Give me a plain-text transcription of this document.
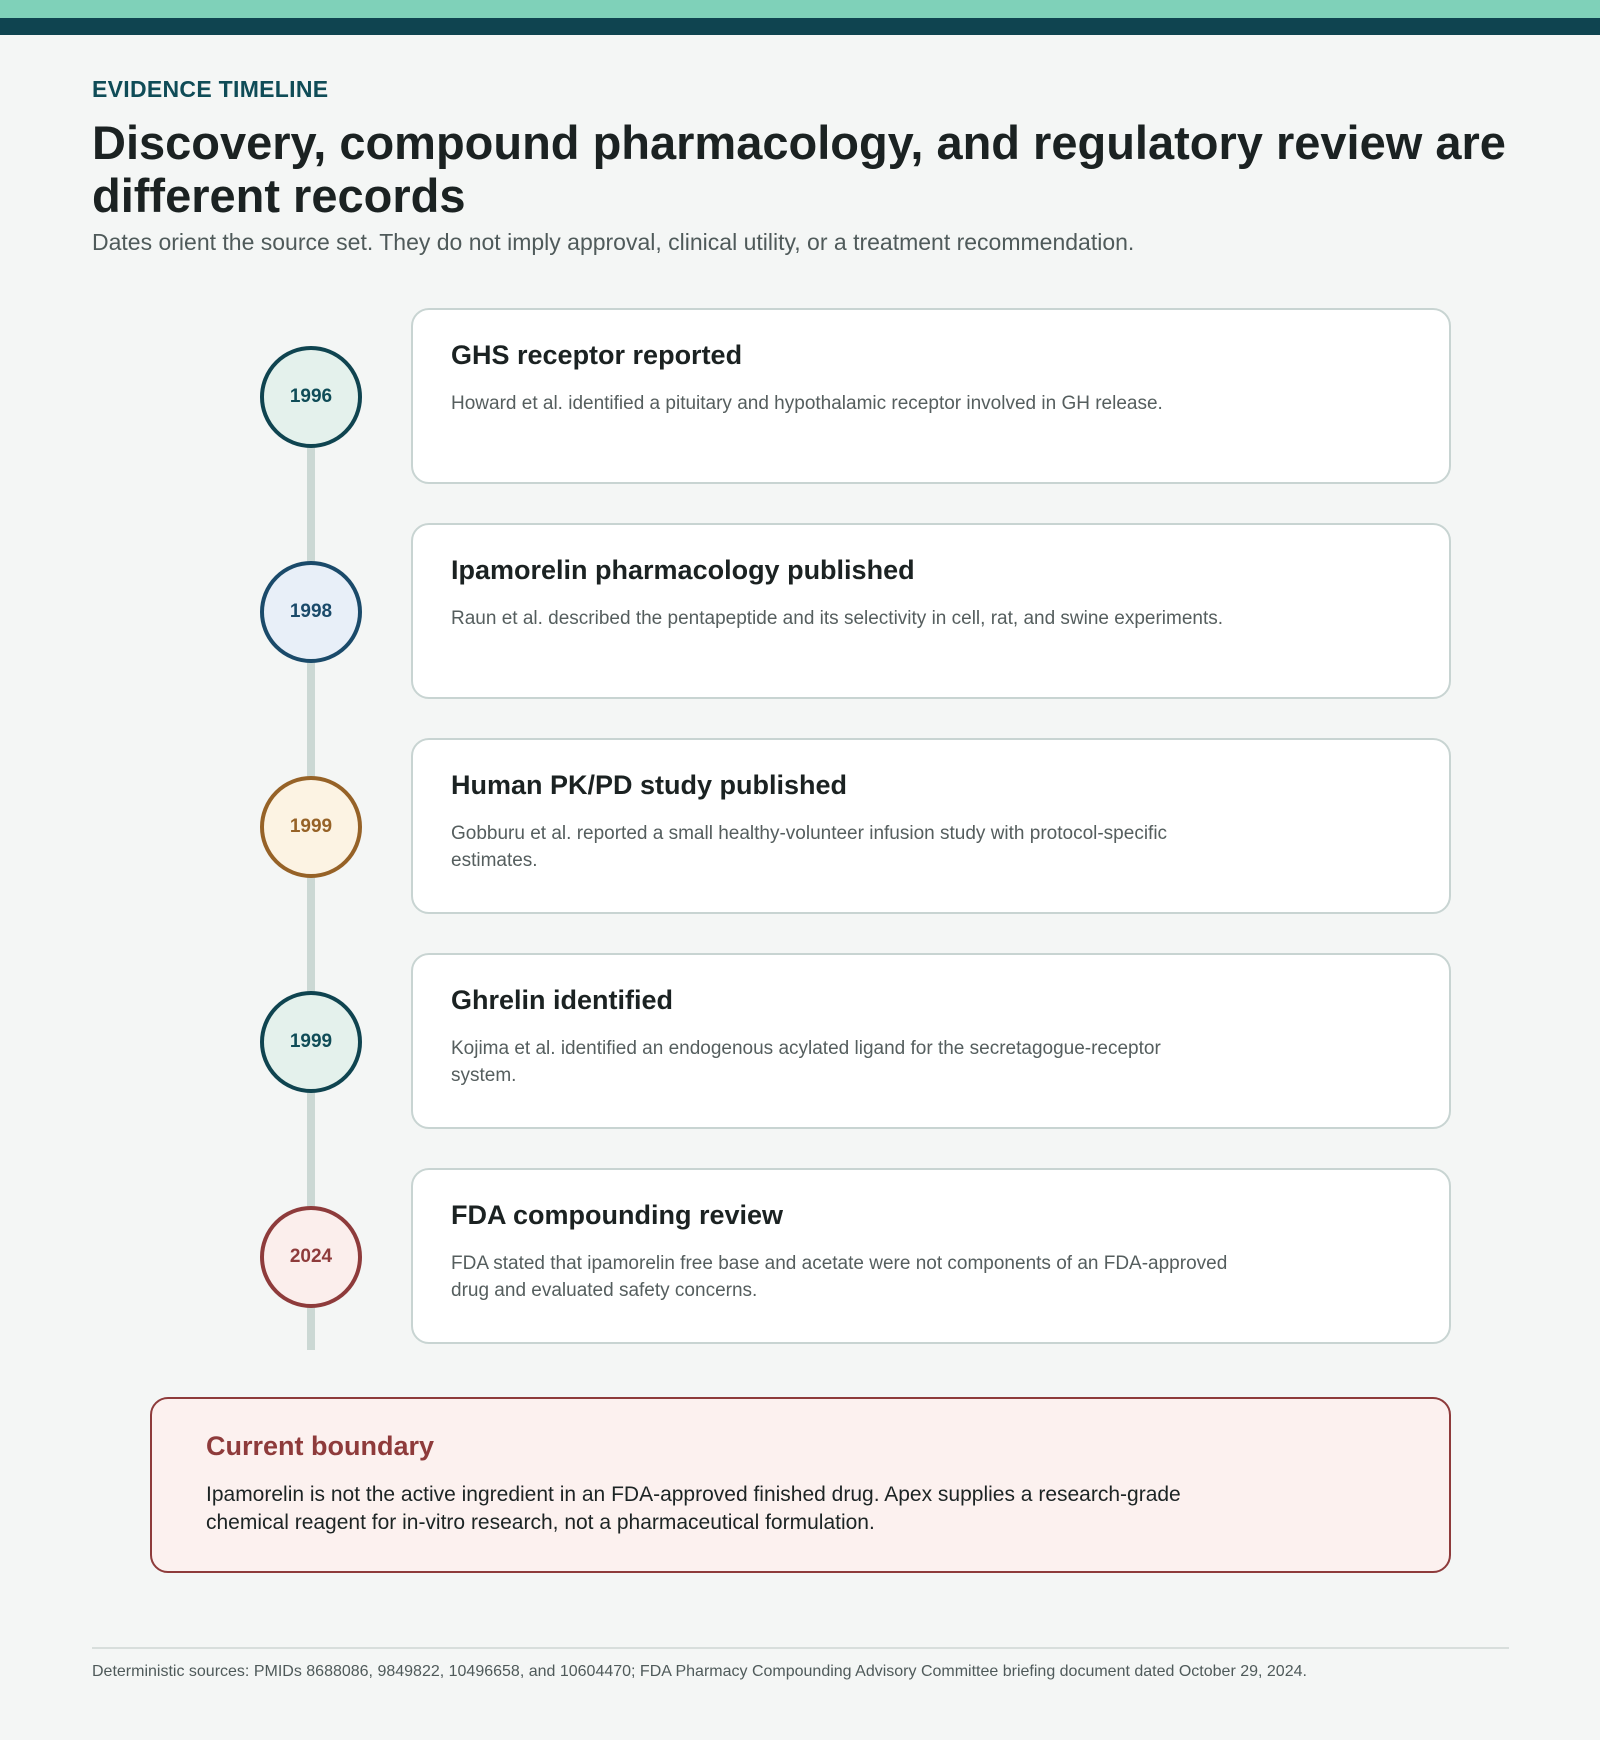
EVIDENCE TIMELINE
Discovery, compound pharmacology, and regulatory review are different records

Dates orient the source set. They do not imply approval, clinical utility, or a treatment recommendation.

1996
GHS receptor reported
Howard et al. identified a pituitary and hypothalamic receptor involved in GH release.
1998
Ipamorelin pharmacology published
Raun et al. described the pentapeptide and its selectivity in cell, rat, and swine experiments.
1999
Human PK/PD study published
Gobburu et al. reported a small healthy-volunteer infusion study with protocol-specific estimates.
1999
Ghrelin identified
Kojima et al. identified an endogenous acylated ligand for the secretagogue-receptor system.
2024
FDA compounding review
FDA stated that ipamorelin free base and acetate were not components of an FDA-approved drug and evaluated safety concerns.
Current boundary
Ipamorelin is not the active ingredient in an FDA-approved finished drug. Apex supplies a research-grade chemical reagent for in-vitro research, not a pharmaceutical formulation.
Deterministic sources: PMIDs 8688086, 9849822, 10496658, and 10604470; FDA Pharmacy Compounding Advisory Committee briefing document dated October 29, 2024.
